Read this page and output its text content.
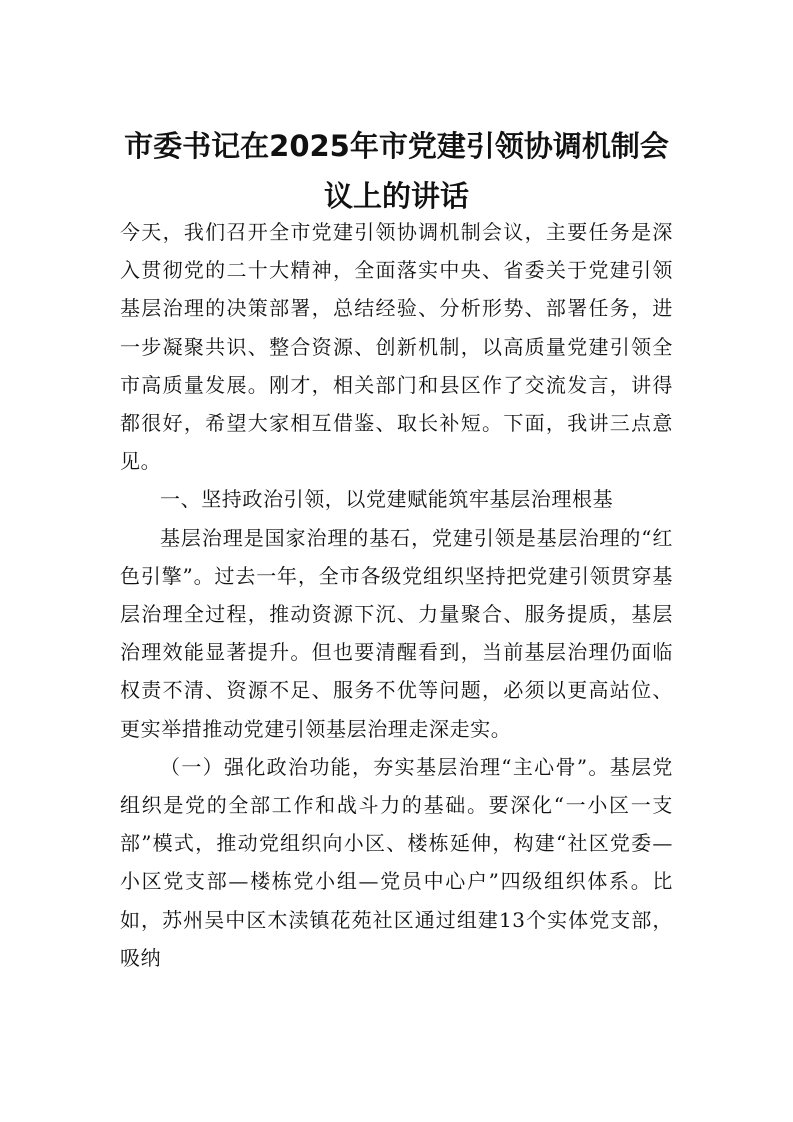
市委书记在2025年市党建引领协调机制会议上的讲话

今天，我们召开全市党建引领协调机制会议，主要任务是深入贯彻党的二十大精神，全面落实中央、省委关于党建引领基层治理的决策部署，总结经验、分析形势、部署任务，进一步凝聚共识、整合资源、创新机制，以高质量党建引领全市高质量发展。刚才，相关部门和县区作了交流发言，讲得都很好，希望大家相互借鉴、取长补短。下面，我讲三点意见。

一、坚持政治引领，以党建赋能筑牢基层治理根基

基层治理是国家治理的基石，党建引领是基层治理的“红色引擎”。过去一年，全市各级党组织坚持把党建引领贯穿基层治理全过程，推动资源下沉、力量聚合、服务提质，基层治理效能显著提升。但也要清醒看到，当前基层治理仍面临权责不清、资源不足、服务不优等问题，必须以更高站位、更实举措推动党建引领基层治理走深走实。

（一）强化政治功能，夯实基层治理“主心骨”。基层党组织是党的全部工作和战斗力的基础。要深化“一小区一支部”模式，推动党组织向小区、楼栋延伸，构建“社区党委—小区党支部—楼栋党小组—党员中心户”四级组织体系。比如，苏州吴中区木渎镇花苑社区通过组建13个实体党支部，吸纳
